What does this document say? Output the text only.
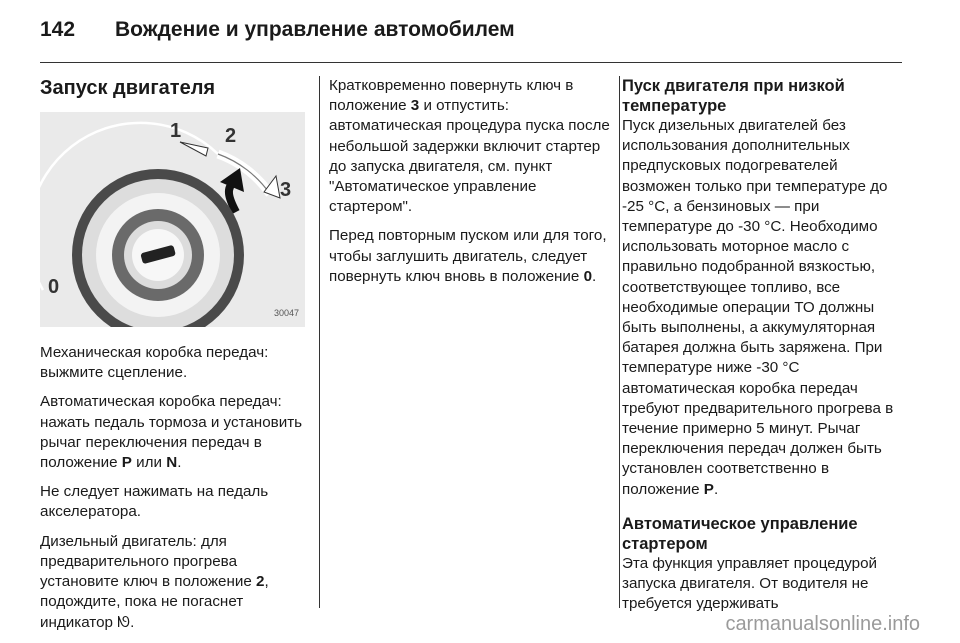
142 Вождение и управление автомобилем
Запуск двигателя
1 2
3
0
30047

Механическая коробка передач: выжмите сцепление.

Автоматическая коробка передач: нажать педаль тормоза и установить рычаг переключения передач в положение P или N.

Не следует нажимать на педаль акселератора.

Дизельный двигатель: для предварительного прогрева установите ключ в положение 2, подождите, пока не погаснет индикатор ᘚ.

Кратковременно повернуть ключ в положение 3 и отпустить: автоматическая процедура пуска после небольшой задержки включит стартер до запуска двигателя, см. пункт "Автоматическое управление стартером".

Перед повторным пуском или для того, чтобы заглушить двигатель, следует повернуть ключ вновь в положение 0.

Пуск двигателя при низкой температуре

Пуск дизельных двигателей без использования дополнительных предпусковых подогревателей возможен только при температуре до -25 °C, а бензиновых — при температуре до -30 °C. Необходимо использовать моторное масло с правильно подобранной вязкостью, соответствующее топливо, все необходимые операции ТО должны быть выполнены, а аккумуляторная батарея должна быть заряжена. При температуре ниже -30 °C автоматическая коробка передач требуют предварительного прогрева в течение примерно 5 минут. Рычаг переключения передач должен быть установлен соответственно в положение P.

Автоматическое управление стартером

Эта функция управляет процедурой запуска двигателя. От водителя не требуется удерживать

carmanualsonline.info
